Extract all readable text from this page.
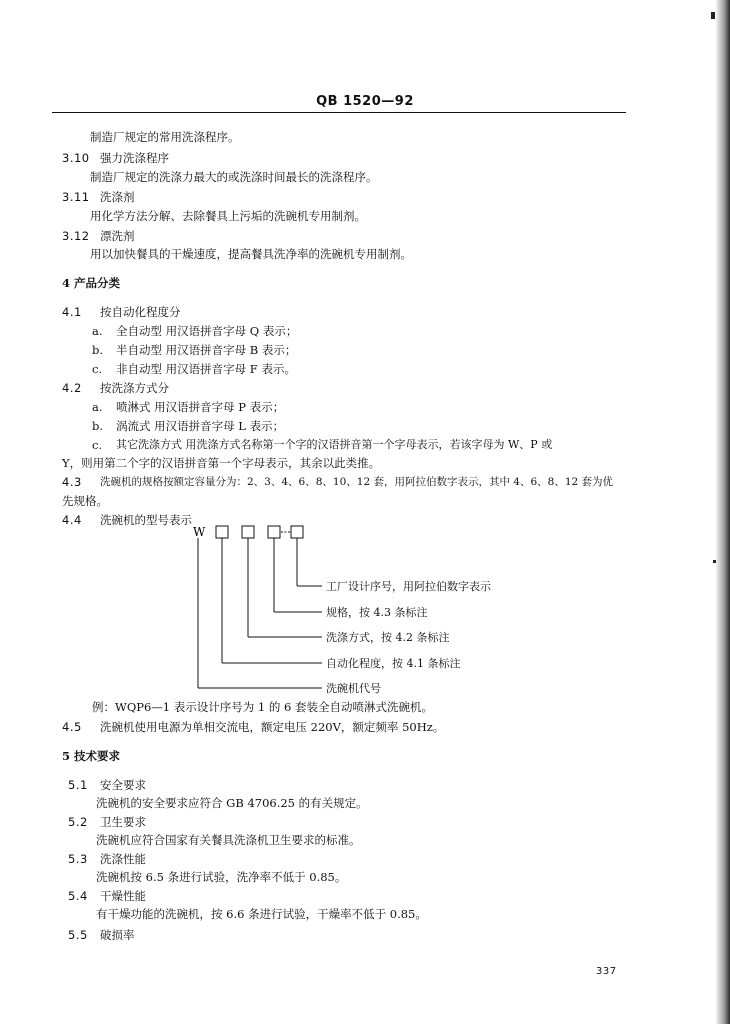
QB 1520—92
制造厂规定的常用洗涤程序。
3.10 强力洗涤程序
制造厂规定的洗涤力最大的或洗涤时间最长的洗涤程序。
3.11 洗涤剂
用化学方法分解、去除餐具上污垢的洗碗机专用制剂。
3.12 漂洗剂
用以加快餐具的干燥速度，提高餐具洗净率的洗碗机专用制剂。
4 产品分类
4.1 按自动化程度分
a. 全自动型 用汉语拼音字母 Q 表示；
b. 半自动型 用汉语拼音字母 B 表示；
c. 非自动型 用汉语拼音字母 F 表示。
4.2 按洗涤方式分
a. 喷淋式 用汉语拼音字母 P 表示；
b. 涡流式 用汉语拼音字母 L 表示；
c. 其它洗涤方式 用洗涤方式名称第一个字的汉语拼音第一个字母表示，若该字母为 W、P 或
Y，则用第二个字的汉语拼音第一个字母表示，其余以此类推。
4.3 洗碗机的规格按额定容量分为：2、3、4、6、8、10、12 套，用阿拉伯数字表示，其中 4、6、8、12 套为优
先规格。
4.4 洗碗机的型号表示
W
工厂设计序号，用阿拉伯数字表示
规格，按 4.3 条标注
洗涤方式，按 4.2 条标注
自动化程度，按 4.1 条标注
洗碗机代号
例：WQP6—1 表示设计序号为 1 的 6 套装全自动喷淋式洗碗机。
4.5 洗碗机使用电源为单相交流电，额定电压 220V，额定频率 50Hz。
5 技术要求
5.1 安全要求
洗碗机的安全要求应符合 GB 4706.25 的有关规定。
5.2 卫生要求
洗碗机应符合国家有关餐具洗涤机卫生要求的标准。
5.3 洗涤性能
洗碗机按 6.5 条进行试验，洗净率不低于 0.85。
5.4 干燥性能
有干燥功能的洗碗机，按 6.6 条进行试验，干燥率不低于 0.85。
5.5 破损率
337
